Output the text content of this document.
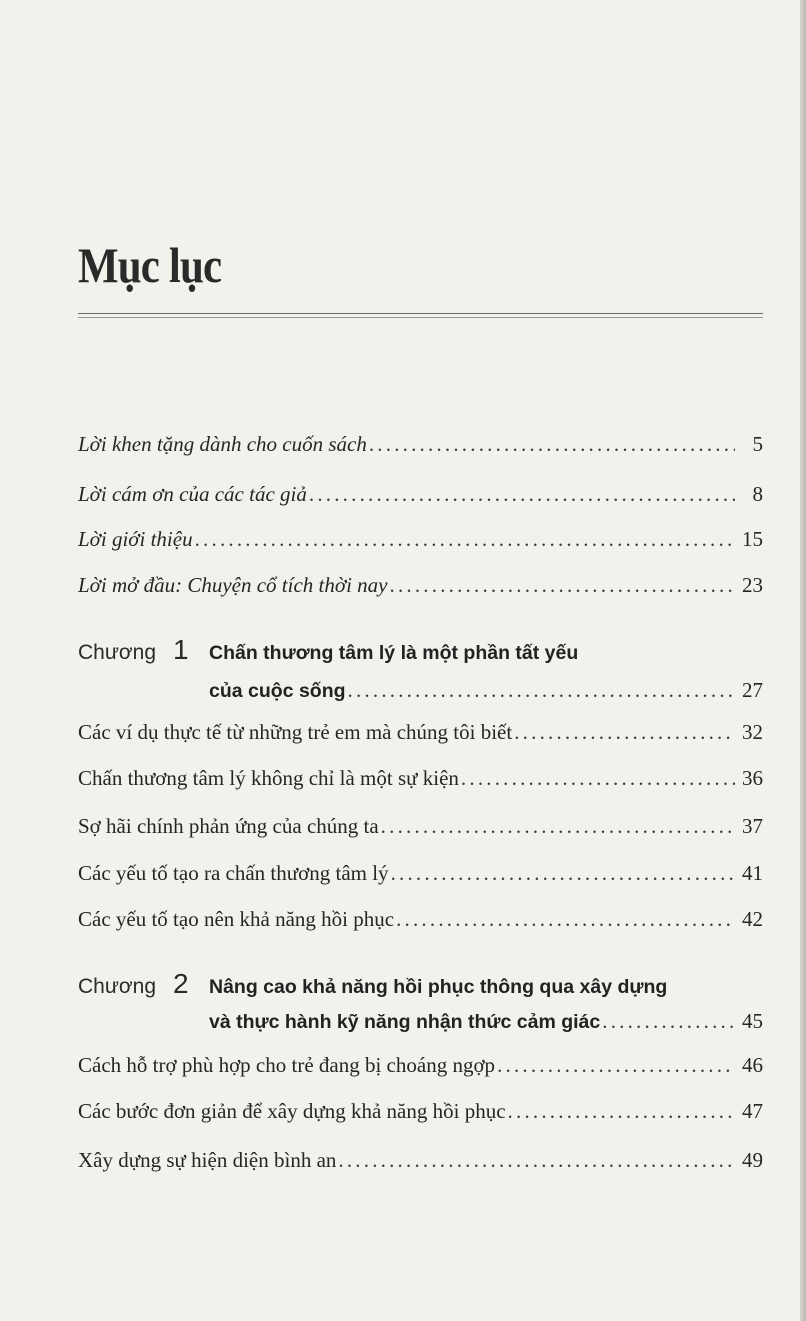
Mục lục
Lời khen tặng dành cho cuốn sách .....	5
Lời cám ơn của các tác giả .....	8
Lời giới thiệu .....	15
Lời mở đầu: Chuyện cổ tích thời nay .....	23
Chương 1	Chấn thương tâm lý là một phần tất yếu
của cuộc sống .....	27
Các ví dụ thực tế từ những trẻ em mà chúng tôi biết .....	32
Chấn thương tâm lý không chỉ là một sự kiện .....	36
Sợ hãi chính phản ứng của chúng ta .....	37
Các yếu tố tạo ra chấn thương tâm lý .....	41
Các yếu tố tạo nên khả năng hồi phục .....	42
Chương 2	Nâng cao khả năng hồi phục thông qua xây dựng
và thực hành kỹ năng nhận thức cảm giác .....	45
Cách hỗ trợ phù hợp cho trẻ đang bị choáng ngợp .....	46
Các bước đơn giản để xây dựng khả năng hồi phục .....	47
Xây dựng sự hiện diện bình an .....	49
